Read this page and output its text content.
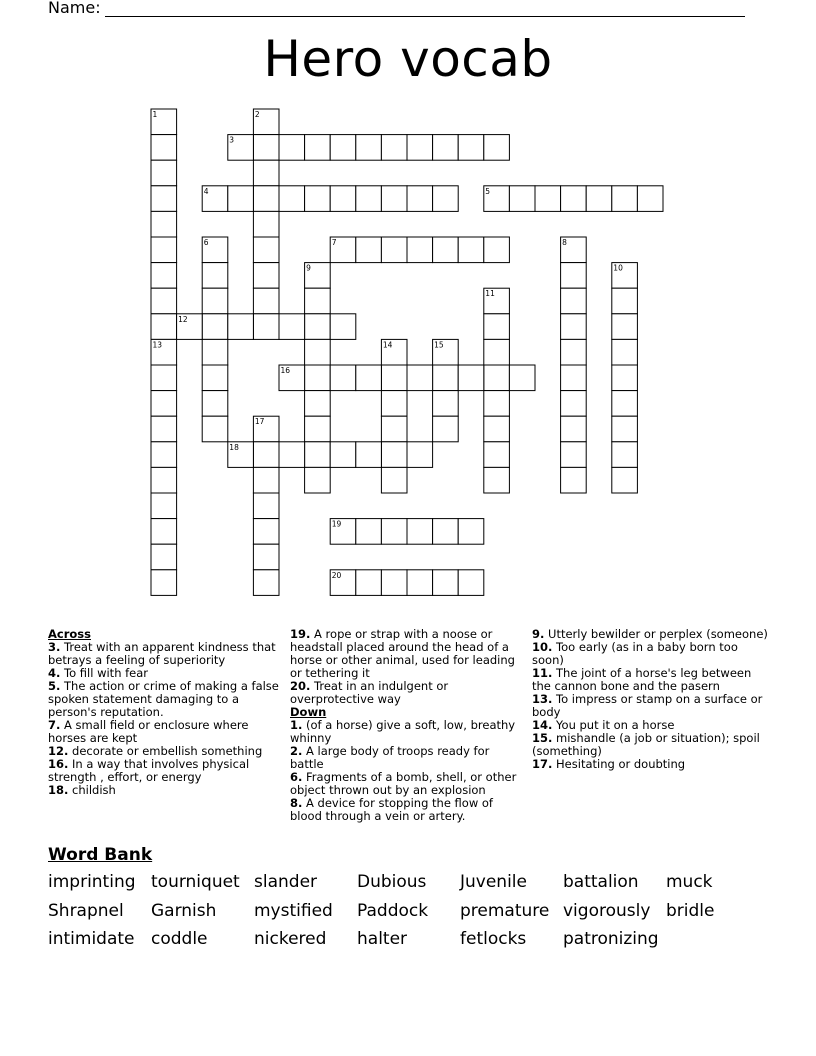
Name:
Hero vocab
1	2
3
4	5
6	7	8
9	10
11
12
13	14	15
16
17
18
19
20
Across

3. Treat with an apparent kindness that betrays a feeling of superiority

4. To fill with fear

5. The action or crime of making a false spoken statement damaging to a person's reputation.

7. A small field or enclosure where horses are kept

12. decorate or embellish something

16. In a way that involves physical strength , effort, or energy

18. childish

19. A rope or strap with a noose or headstall placed around the head of a horse or other animal, used for leading or tethering it

20. Treat in an indulgent or overprotective way

Down

1. (of a horse) give a soft, low, breathy whinny

2. A large body of troops ready for battle

6. Fragments of a bomb, shell, or other object thrown out by an explosion

8. A device for stopping the flow of blood through a vein or artery.

9. Utterly bewilder or perplex (someone)

10. Too early (as in a baby born too soon)

11. The joint of a horse's leg between the cannon bone and the pasern

13. To impress or stamp on a surface or body

14. You put it on a horse

15. mishandle (a job or situation); spoil (something)

17. Hesitating or doubting

Word Bank
imprinting tourniquet slander	Dubious	Juvenile	battalion	muck
Shrapnel	Garnish	mystified	Paddock	premature vigorously bridle
intimidate coddle	nickered	halter	fetlocks	patronizing
